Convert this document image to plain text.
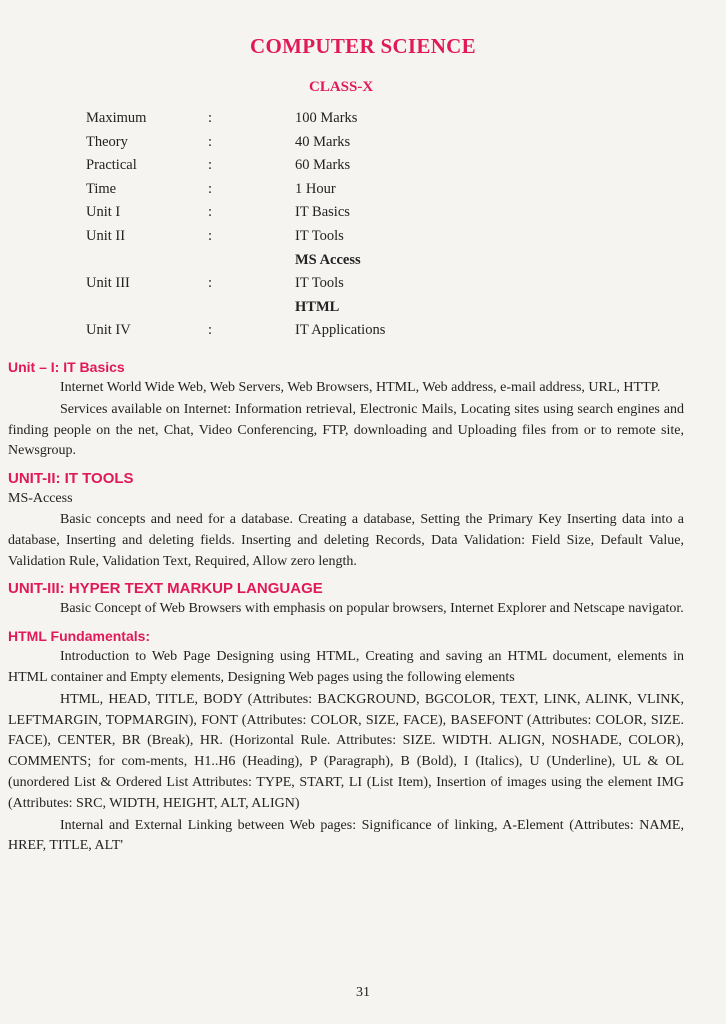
COMPUTER SCIENCE
CLASS-X
Maximum	:	100 Marks
Theory	:	40 Marks
Practical	:	60 Marks
Time	:	1 Hour
Unit I	:	IT Basics
Unit II	:	IT Tools
MS Access
Unit III	:	IT Tools
HTML
Unit IV	:	IT Applications
Unit – I: IT Basics

Internet World Wide Web, Web Servers, Web Browsers, HTML, Web address, e-mail address, URL, HTTP.

Services available on Internet: Information retrieval, Electronic Mails, Locating sites using search engines and finding people on the net, Chat, Video Conferencing, FTP, downloading and Uploading files from or to remote site, Newsgroup.

UNIT-II: IT TOOLS

MS-Access

Basic concepts and need for a database. Creating a database, Setting the Primary Key Inserting data into a database, Inserting and deleting fields. Inserting and deleting Records, Data Validation: Field Size, Default Value, Validation Rule, Validation Text, Required, Allow zero length.

UNIT-III: HYPER TEXT MARKUP LANGUAGE

Basic Concept of Web Browsers with emphasis on popular browsers, Internet Explorer and Netscape navigator.

HTML Fundamentals:

Introduction to Web Page Designing using HTML, Creating and saving an HTML document, elements in HTML container and Empty elements, Designing Web pages using the following elements

HTML, HEAD, TITLE, BODY (Attributes: BACKGROUND, BGCOLOR, TEXT, LINK, ALINK, VLINK, LEFTMARGIN, TOPMARGIN), FONT (Attributes: COLOR, SIZE, FACE), BASEFONT (Attributes: COLOR, SIZE. FACE), CENTER, BR (Break), HR. (Horizontal Rule. Attributes: SIZE. WIDTH. ALIGN, NOSHADE, COLOR), COMMENTS; for com-ments, H1..H6 (Heading), P (Paragraph), B (Bold), I (Italics), U (Underline), UL & OL (unordered List & Ordered List Attributes: TYPE, START, LI (List Item), Insertion of images using the element IMG (Attributes: SRC, WIDTH, HEIGHT, ALT, ALIGN)

Internal and External Linking between Web pages: Significance of linking, A-Element (Attributes: NAME, HREF, TITLE, ALT'

31
